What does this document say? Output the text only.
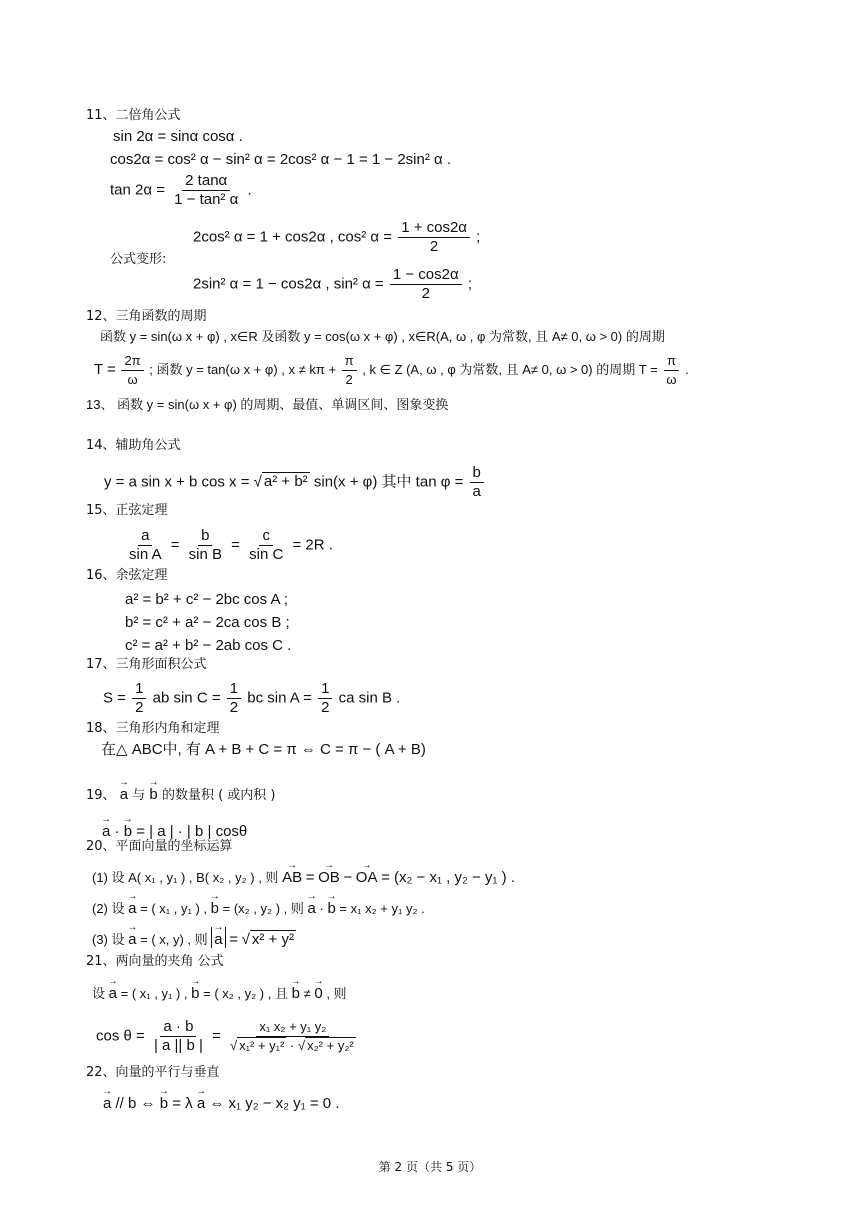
11、二倍角公式
sin 2α = sinα cosα .
cos2α = cos² α − sin² α = 2cos² α − 1 = 1 − 2sin² α .
$\tan 2\alpha = \frac{2 \tan\alpha}{\text{1 − tan² α}}$ .
2cos² α = 1 + cos2α , cos² $\alpha = \frac{1 + \cos 2\alpha}{2}$ ;
公式变形:
2sin² α = 1 − cos2α , sin² $\alpha = \frac{1 - \cos 2\alpha}{2}$ ;
12、三角函数的周期
函数 y = sin(ω x + φ) , x∈R 及函数 y = cos(ω x + φ) , x∈R(A, ω , φ 为常数, 且 A≠ 0, ω > 0) 的周期
$T = \frac{2\pi}{\omega}$ ; 函数 y = tan(ω x + φ) , $x \ne k\pi + \frac{\pi}{2}$ , k ∈ Z (A, ω , φ 为常数, 且 A≠ 0, ω > 0) 的周期 $T = \frac{\pi}{\omega}$ .
13、 函数 y = sin(ω x + φ) 的周期、最值、单调区间、图象变换
14、辅助角公式
y = a sin x + b cos x = √ a² + b² sin(x + φ) 其中 $\tan \varphi = \frac{b}{a}$
15、正弦定理
$\frac{a}{\text{sin A}} = \frac{b}{\text{sin B}} = \frac{c}{\text{sin C}} = 2R$ .
16、余弦定理
a² = b² + c² − 2bc cos A ;
b² = c² + a² − 2ca cos B ;
c² = a² + b² − 2ab cos C .
17、三角形面积公式
$S = \frac{1}{2}$ ab $\sin C = \frac{1}{2}$ bc $\sin A = \frac{1}{2}$ ca sin B .
18、三角形内角和定理
在△ ABC中, 有 A + B + C = π ⇔ C = π − ( A + B)
19、 → a 与 → b 的数量积 ( 或内积 )
→ a · → b = | a | · | b | cosθ
20、平面向量的坐标运算
(1) 设 A( x₁ , y₁ ) , B( x₂ , y₂ ) , 则 → AB = → OB − → OA = (x₂ − x₁ , y₂ − y₁ ) .
(2) 设 → a = ( x₁ , y₁ ) , → b = (x₂ , y₂ ) , 则 → a · → b = x₁ x₂ + y₁ y₂ .
(3) 设 → a = ( x, y) , 则 → a = √ x² + y²
21、两向量的夹角 公式
设 → a = ( x₁ , y₁ ) , → b = ( x₂ , y₂ ) , 且 → b ≠ → 0 , 则
$\cos \theta = \frac{a \cdot b}{| a || b |} = \frac{\text{x₁ x₂ + y₁ y₂}}{\text{√ x₁² + y₁² · √ x₂² + y₂²}}$
22、向量的平行与垂直
→ a // b ⇔ → b = λ → a ⇔ x₁ y₂ − x₂ y₁ = 0 .
第 2 页（共 5 页）
